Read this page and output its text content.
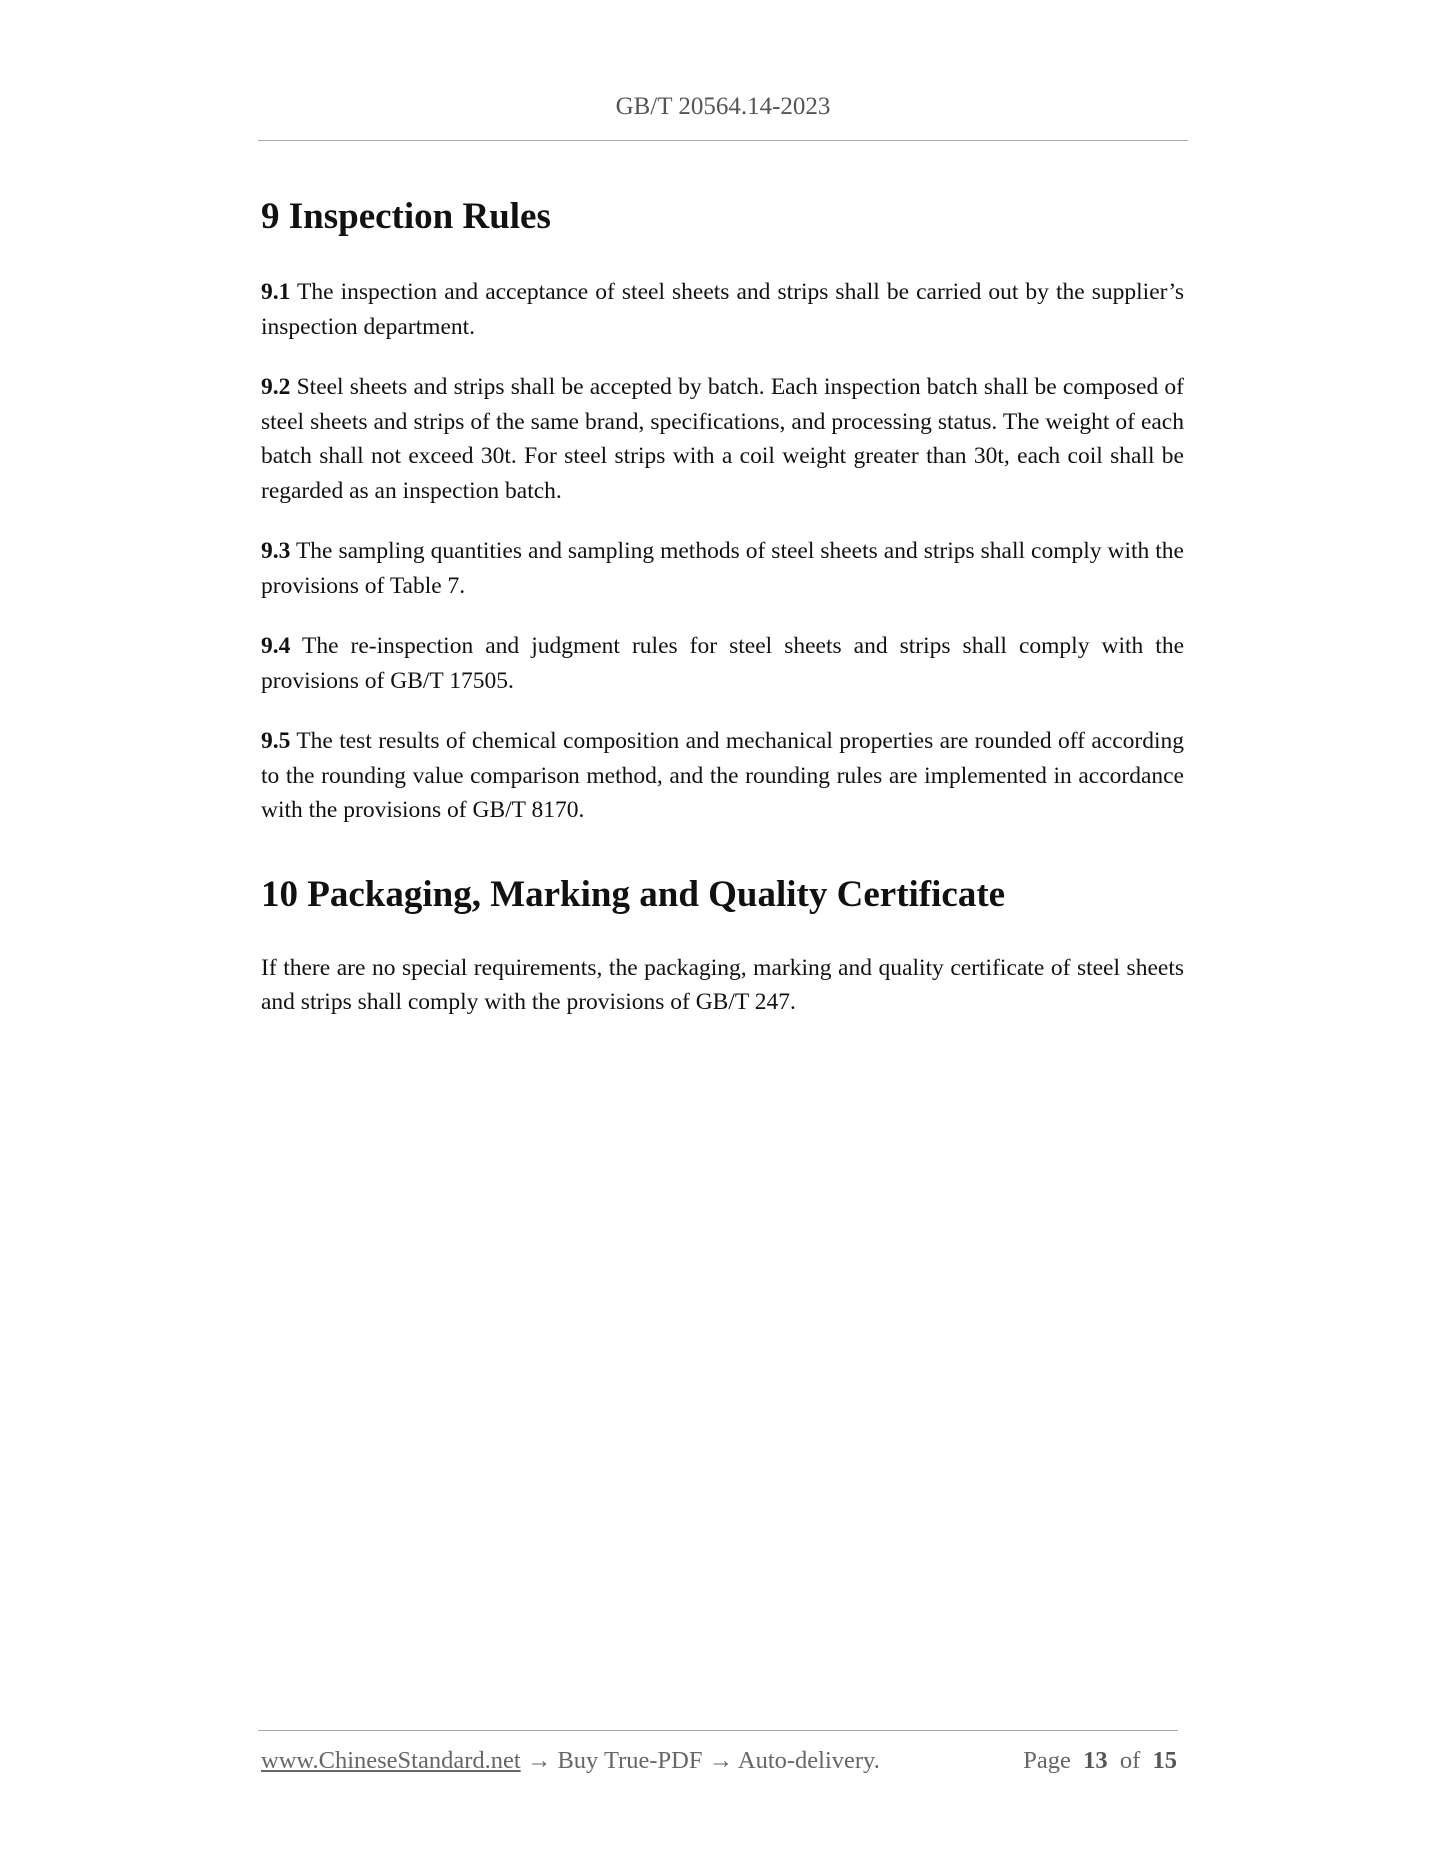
GB/T 20564.14-2023
9 Inspection Rules

9.1 The inspection and acceptance of steel sheets and strips shall be carried out by the supplier’s inspection department.

9.2 Steel sheets and strips shall be accepted by batch. Each inspection batch shall be composed of steel sheets and strips of the same brand, specifications, and processing status. The weight of each batch shall not exceed 30t. For steel strips with a coil weight greater than 30t, each coil shall be regarded as an inspection batch.

9.3 The sampling quantities and sampling methods of steel sheets and strips shall comply with the provisions of Table 7.

9.4 The re-inspection and judgment rules for steel sheets and strips shall comply with the provisions of GB/T 17505.

9.5 The test results of chemical composition and mechanical properties are rounded off according to the rounding value comparison method, and the rounding rules are implemented in accordance with the provisions of GB/T 8170.

10 Packaging, Marking and Quality Certificate

If there are no special requirements, the packaging, marking and quality certificate of steel sheets and strips shall comply with the provisions of GB/T 247.

www.ChineseStandard.net → Buy True-PDF → Auto-delivery.	Page 13 of 15
